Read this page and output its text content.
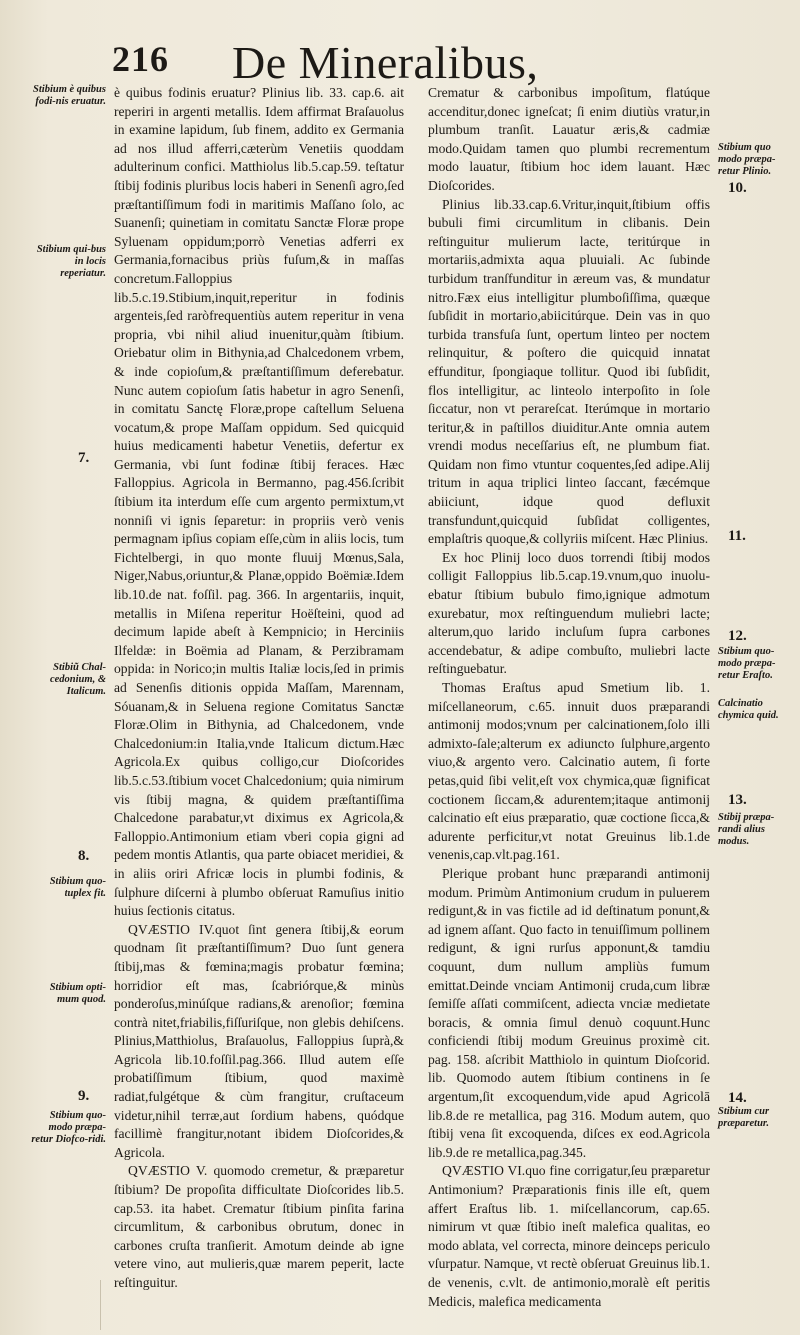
216 De Mineralibus,
Stibium è quibus fodi-nis eruatur.
Stibium qui-bus in locis reperiatur.
7.
Stibiũ Chal-cedonium, & Italicum.
8.
Stibium quo-tuplex fit.
Stibium opti-mum quod.
9.
Stibium quo-modo præpa-retur Diofco-ridi.

è quibus fodinis eruatur? Plinius lib. 33. cap.6. ait reperiri in argenti metallis. Idem affirmat Braſauolus in examine lapidum, ſub finem, addito ex Germania ad nos illud afferri,cæterùm Venetiis quoddam adulterinum confici. Matthiolus lib.5.cap.59. teſtatur ſtibij fodinis pluribus locis haberi in Senenſi agro,ſed præſtantiſſimum fodi in maritimis Maſſano ſolo, ac Suanenſi; quinetiam in comitatu Sanctæ Floræ prope Syluenam oppidum;porrò Venetias adferri ex Germania,fornacibus priùs fuſum,& in maſſas concretum.Falloppius lib.5.c.19.Stibium,inquit,reperitur in fodinis argenteis,ſed raròfrequentiùs autem reperitur in vena propria, vbi nihil aliud inuenitur,quàm ſtibium. Oriebatur olim in Bithynia,ad Chalcedonem vrbem, & inde copioſum,& præſtantiſſimum deferebatur. Nunc autem copioſum ſatis habetur in agro Senenſi, in comitatu Sanctę Floræ,prope caſtellum Seluena vocatum,& prope Maſſam oppidum. Sed quicquid huius medicamenti habetur Venetiis, defertur ex Germania, vbi ſunt fodinæ ſtibij feraces. Hæc Falloppius. Agricola in Bermanno, pag.456.ſcribit ſtibium ita interdum eſſe cum argento permixtum,vt nonniſi vi ignis ſeparetur: in propriis verò venis permagnam ipſius copiam eſſe,cùm in aliis locis, tum Fichtelbergi, in quo monte fluuij Mœnus,Sala, Niger,Nabus,oriuntur,& Planæ,oppido Boëmiæ.Idem lib.10.de nat. foſſil. pag. 366. In argentariis, inquit, metallis in Miſena reperitur Hoëſteini, quod ad decimum lapide abeſt à Kempnicio; in Herciniis Ilfeldæ: in Boëmia ad Planam, & Perzibramam oppida: in Norico;in multis Italiæ locis,ſed in primis ad Senenſis ditionis oppida Maſſam, Marennam, Sóuanam,& in Seluena regione Comitatus Sanctæ Floræ.Olim in Bithynia, ad Chalcedonem, vnde Chalcedonium:in Italia,vnde Italicum dictum.Hæc Agricola.Ex quibus colligo,cur Dioſcorides lib.5.c.53.ſtibium vocet Chalcedonium; quia nimirum vis ſtibij magna, & quidem præſtantiſſima Chalcedone parabatur,vt diximus ex Agricola,& Falloppio.Antimonium etiam vberi copia gigni ad pedem montis Atlantis, qua parte obiacet meridiei, & in aliis oriri Africæ locis in plumbi fodinis, & ſulphure diſcerni à plumbo obſeruat Ramuſius initio huius ſectionis citatus.

QVÆSTIO IV.quot ſint genera ſtibij,& eorum quodnam ſit præſtantiſſimum? Duo ſunt genera ſtibij,mas & fœmina;magis probatur fœmina; horridior eſt mas, ſcabriórque,& minùs ponderoſus,minúſque radians,& arenoſior; fœmina contrà nitet,friabilis,fiſſuriſque, non glebis dehiſcens. Plinius,Matthiolus, Braſauolus, Falloppius ſuprà,& Agricola lib.10.foſſil.pag.366. Illud autem eſſe probatiſſimum ſtibium, quod maximè radiat,fulgétque & cùm frangitur, cruſtaceum videtur,nihil terræ,aut ſordium habens, quódque facillimè frangitur,notant ibidem Dioſcorides,& Agricola.

QVÆSTIO V. quomodo cremetur, & præparetur ſtibium? De propoſita difficultate Dioſcorides lib.5. cap.53. ita habet. Crematur ſtibium pinſita farina circumlitum, & carbonibus obrutum, donec in carbones cruſta tranſierit. Amotum deinde ab igne vetere vino, aut mulieris,quæ marem peperit, lacte reſtinguitur.

Crematur & carbonibus impoſitum, flatúque accenditur,donec igneſcat; ſi enim diutiùs vratur,in plumbum tranſit. Lauatur æris,& cadmiæ modo.Quidam tamen quo plumbi recrementum modo lauatur, ſtibium hoc idem lauant. Hæc Dioſcorides.

Plinius lib.33.cap.6.Vritur,inquit,ſtibium offis bubuli fimi circumlitum in clibanis. Dein reſtinguitur mulierum lacte, teritúrque in mortariis,admixta aqua pluuiali. Ac ſubinde turbidum tranſfunditur in æreum vas, & mundatur nitro.Fæx eius intelligitur plumboſiſſima, quæque ſubſidit in mortario,abiicitúrque. Dein vas in quo turbida transfuſa ſunt, opertum linteo per noctem relinquitur, & poſtero die quicquid innatat effunditur, ſpongiaque tollitur. Quod ibi ſubſidit, flos intelligitur, ac linteolo interpoſito in ſole ſiccatur, non vt perareſcat. Iterúmque in mortario teritur,& in paſtillos diuiditur.Ante omnia autem vrendi modus neceſſarius eſt, ne plumbum fiat. Quidam non fimo vtuntur coquentes,ſed adipe.Alij tritum in aqua triplici linteo ſaccant, fæcémque abiiciunt, idque quod defluxit transfundunt,quicquid ſubſidat colligentes, emplaſtris quoque,& collyriis miſcent. Hæc Plinius.

Ex hoc Plinij loco duos torrendi ſtibij modos colligit Falloppius lib.5.cap.19.vnum,quo inuoluebatur ſtibium bubulo fimo,ignique admotum exurebatur, mox reſtinguendum muliebri lacte; alterum,quo larido incluſum ſupra carbones accendebatur, & adipe combuſto, muliebri lacte reſtinguebatur.

Thomas Eraſtus apud Smetium lib. 1. miſcellaneorum, c.65. innuit duos præparandi antimonij modos;vnum per calcinationem,ſolo illi admixto-ſale;alterum ex adiuncto ſulphure,argento viuo,& argento vero. Calcinatio autem, ſi forte petas,quid ſibi velit,eſt vox chymica,quæ ſignificat coctionem ſiccam,& adurentem;itaque antimonij calcinatio eſt eius præparatio, quæ coctione ſicca,& adurente perficitur,vt notat Greuinus lib.1.de venenis,cap.vlt.pag.161.

Plerique probant hunc præparandi antimonij modum. Primùm Antimonium crudum in puluerem redigunt,& in vas fictile ad id deſtinatum ponunt,& ad ignem aſſant. Quo facto in tenuiſſimum pollinem redigunt, & igni rurſus apponunt,& tamdiu coquunt, dum nullum ampliùs fumum emittat.Deinde vnciam Antimonij cruda,cum libræ ſemiſſe aſſati commiſcent, adiecta vnciæ medietate boracis, & omnia ſimul denuò coquunt.Hunc conficiendi ſtibij modum Greuinus proximè cit. pag. 158. aſcribit Matthiolo in quintum Dioſcorid. lib. Quomodo autem ſtibium continens in ſe argentum,ſit excoquendum,vide apud Agricolā lib.8.de re metallica, pag 316. Modum autem, quo ſtibij vena ſit excoquenda, diſces ex eod.Agricola lib.9.de re metallica,pag.345.

QVÆSTIO VI.quo fine corrigatur,ſeu præparetur Antimonium? Præparationis finis ille eſt, quem affert Eraſtus lib. 1. miſcellancorum, cap.65. nimirum vt quæ ſtibio ineſt malefica qualitas, eo modo ablata, vel correcta, minore deinceps periculo vſurpatur. Namque, vt rectè obſeruat Greuinus lib.1. de venenis, c.vlt. de antimonio,moralè eſt peritis Medicis, malefica medicamenta

Stibium quo modo præpa-retur Plinio.
10.
11.
12.
Stibium quo-modo præpa-retur Eraſto.
Calcinatio chymica quid.
13.
Stibij præpa-randi alius modus.
14.
Stibium cur præparetur.
